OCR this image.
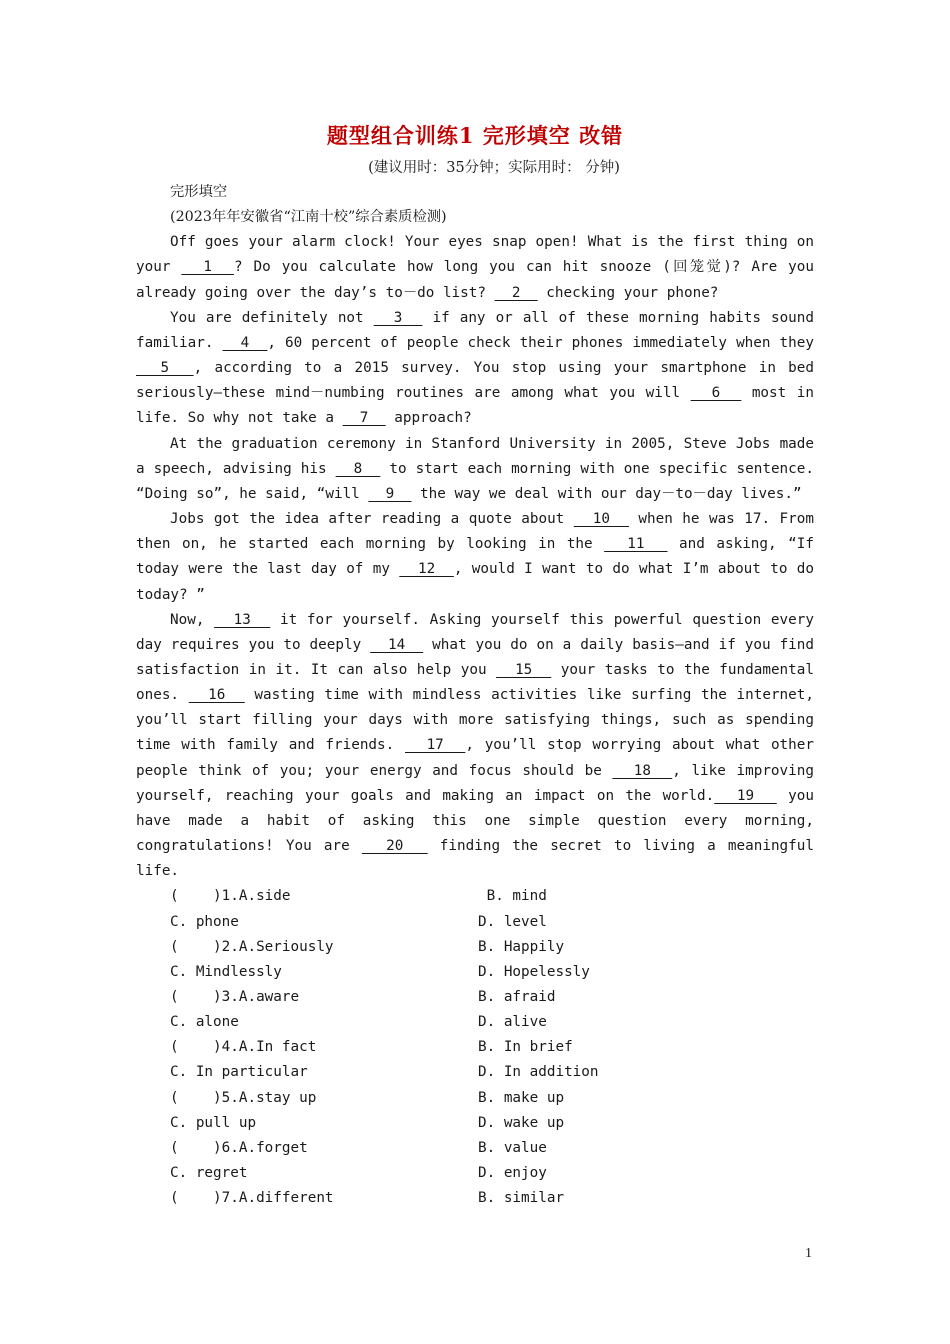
题型组合训练1 完形填空 改错
(建议用时：35分钟；实际用时： 分钟)

完形填空

(2023年年安徽省“江南十校”综合素质检测)

Off goes your alarm clock! Your eyes snap open! What is the first thing on your   1  ? Do you calculate how long you can hit snooze (回笼觉)? Are you already going over the day’s to－do list?   2   checking your phone?

You are definitely not   3   if any or all of these morning habits sound familiar.   4  , 60 percent of people check their phones immediately when they   5  , according to a 2015 survey. You stop using your smartphone in bed seriously—these mind－numbing routines are among what you will   6   most in life. So why not take a   7   approach?

At the graduation ceremony in Stanford University in 2005, Steve Jobs made a speech, advising his   8   to start each morning with one specific sentence. “Doing so”, he said, “will   9   the way we deal with our day－to－day lives.”

Jobs got the idea after reading a quote about   10   when he was 17. From then on, he started each morning by looking in the   11   and asking, “If today were the last day of my   12  , would I want to do what I’m about to do today? ”

Now,   13   it for yourself. Asking yourself this powerful question every day requires you to deeply   14   what you do on a daily basis—and if you find satisfaction in it. It can also help you   15   your tasks to the fundamental ones.   16   wasting time with mindless activities like surfing the internet, you’ll start filling your days with more satisfying things, such as spending time with family and friends.   17  , you’ll stop worrying about what other people think of you; your energy and focus should be   18  , like improving yourself, reaching your goals and making an impact on the world.  19   you have made a habit of asking this one simple question every morning, congratulations! You are   20   finding the secret to living a meaningful life.

(    )1.A.side	B. mind
C. phone	D. level
(    )2.A.Seriously	B. Happily
C. Mindlessly	D. Hopelessly
(    )3.A.aware	B. afraid
C. alone	D. alive
(    )4.A.In fact	B. In brief
C. In particular	D. In addition
(    )5.A.stay up	B. make up
C. pull up	D. wake up
(    )6.A.forget	B. value
C. regret	D. enjoy
(    )7.A.different	B. similar
1
